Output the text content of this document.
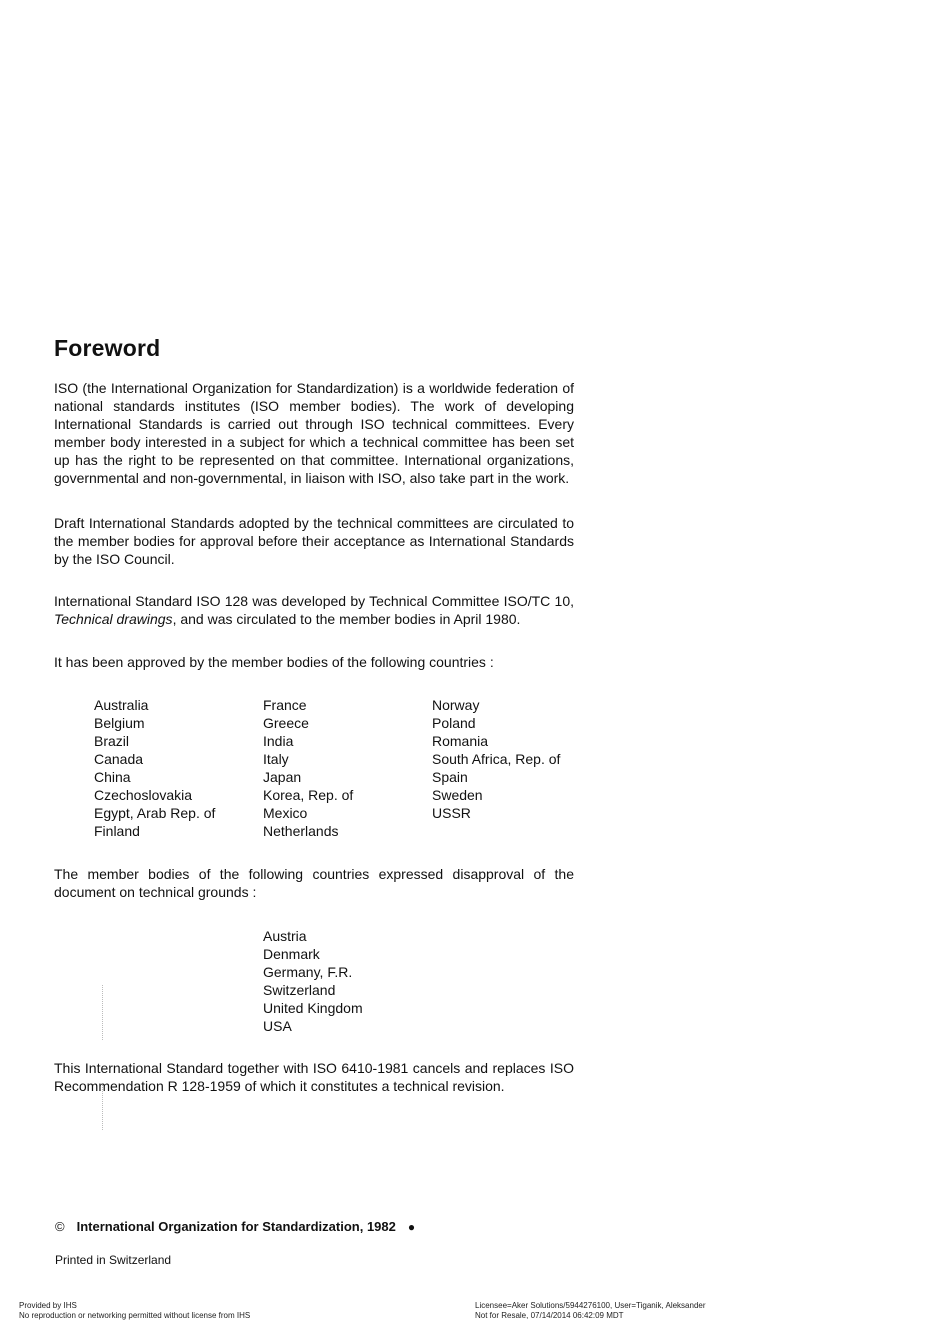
Foreword

ISO (the International Organization for Standardization) is a worldwide federation of national standards institutes (ISO member bodies). The work of developing International Standards is carried out through ISO technical committees. Every member body interested in a subject for which a technical committee has been set up has the right to be represented on that committee. International organizations, governmental and non-governmental, in liaison with ISO, also take part in the work.

Draft International Standards adopted by the technical committees are circulated to the member bodies for approval before their acceptance as International Standards by the ISO Council.

International Standard ISO 128 was developed by Technical Committee ISO/TC 10, Technical drawings, and was circulated to the member bodies in April 1980.

It has been approved by the member bodies of the following countries :

Australia
Belgium
Brazil
Canada
China
Czechoslovakia
Egypt, Arab Rep. of
Finland
France
Greece
India
Italy
Japan
Korea, Rep. of
Mexico
Netherlands
Norway
Poland
Romania
South Africa, Rep. of
Spain
Sweden
USSR

The member bodies of the following countries expressed disapproval of the document on technical grounds :

Austria
Denmark
Germany, F.R.
Switzerland
United Kingdom
USA

This International Standard together with ISO 6410-1981 cancels and replaces ISO Recommendation R 128-1959 of which it constitutes a technical revision.

© International Organization for Standardization, 1982 ●
Printed in Switzerland
Provided by IHS
No reproduction or networking permitted without license from IHS
Licensee=Aker Solutions/5944276100, User=Tiganik, Aleksander
Not for Resale, 07/14/2014 06:42:09 MDT
